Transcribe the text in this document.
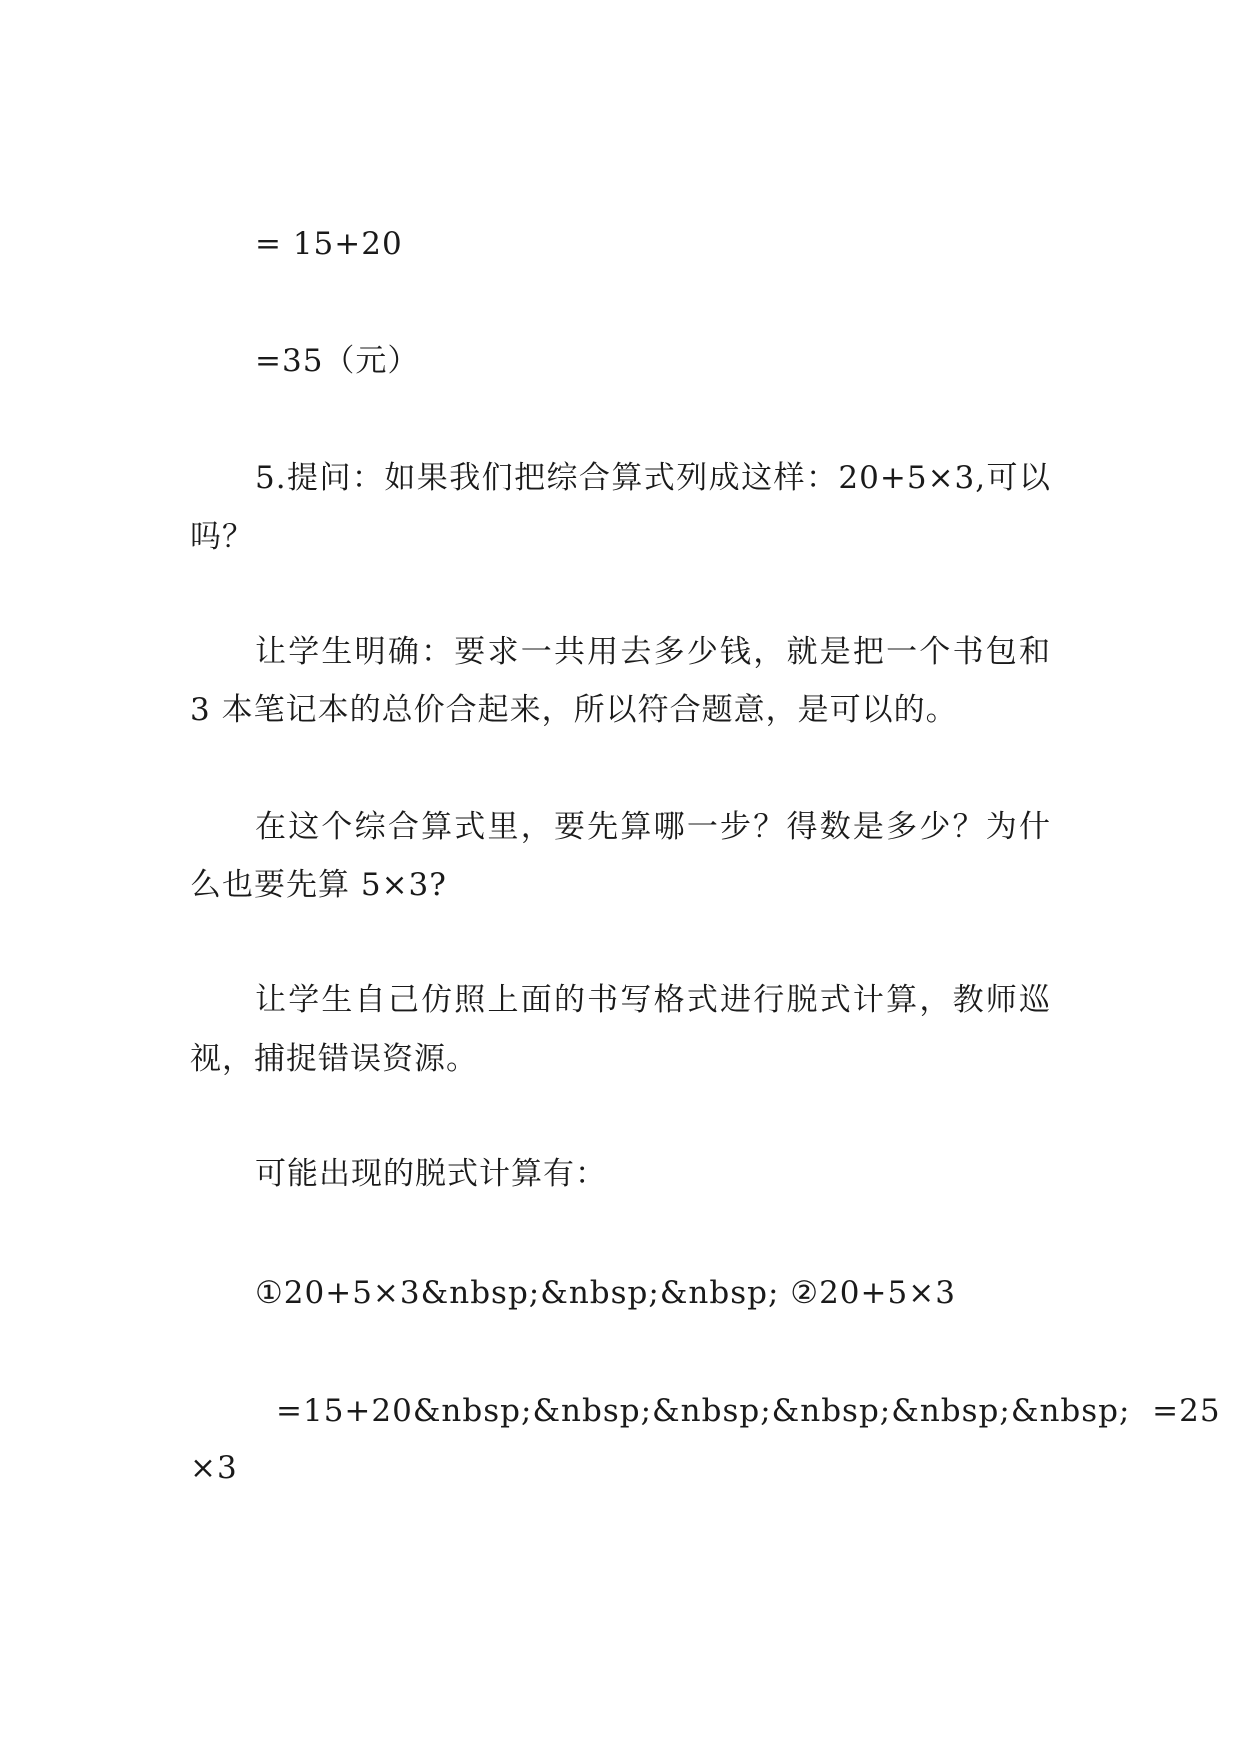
= 15+20

=35（元）

5.提问：如果我们把综合算式列成这样：20+5×3,可以

吗？

让学生明确：要求一共用去多少钱，就是把一个书包和

3 本笔记本的总价合起来，所以符合题意，是可以的。

在这个综合算式里，要先算哪一步？得数是多少？为什

么也要先算 5×3?

让学生自己仿照上面的书写格式进行脱式计算，教师巡

视，捕捉错误资源。

可能出现的脱式计算有：

①20+5×3&nbsp;&nbsp;&nbsp; ②20+5×3

=15+20&nbsp;&nbsp;&nbsp;&nbsp;&nbsp;&nbsp;  =25

×3
